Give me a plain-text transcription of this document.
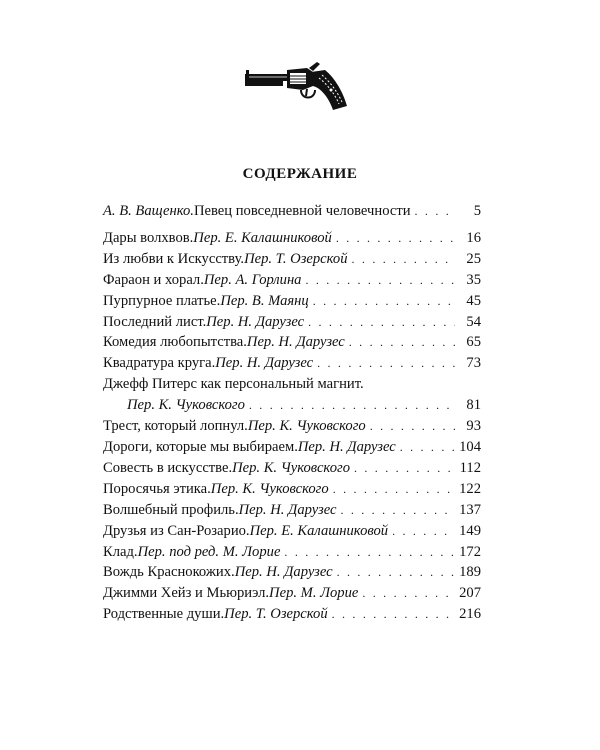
СОДЕРЖАНИЕ
А. В. Ващенко. Певец повседневной человечности . . .	5
Дары волхвов. Пер. Е. Калашниковой . . .	16
Из любви к Искусству. Пер. Т. Озерской . . .	25
Фараон и хорал. Пер. А. Горлина . . .	35
Пурпурное платье. Пер. В. Маянц . . .	45
Последний лист. Пер. Н. Дарузес . . .	54
Комедия любопытства. Пер. Н. Дарузес . . .	65
Квадратура круга. Пер. Н. Дарузес . . .	73
Джефф Питерс как персональный магнит.
Пер. К. Чуковского . . .	81
Трест, который лопнул. Пер. К. Чуковского . . .	93
Дороги, которые мы выбираем. Пер. Н. Дарузес . . .	104
Совесть в искусстве. Пер. К. Чуковского . . .	112
Поросячья этика. Пер. К. Чуковского . . .	122
Волшебный профиль. Пер. Н. Дарузес . . .	137
Друзья из Сан-Розарио. Пер. Е. Калашниковой . . .	149
Клад. Пер. под ред. М. Лорие . . .	172
Вождь Краснокожих. Пер. Н. Дарузес . . .	189
Джимми Хейз и Мьюриэл. Пер. М. Лорие . . .	207
Родственные души. Пер. Т. Озерской . . .	216
